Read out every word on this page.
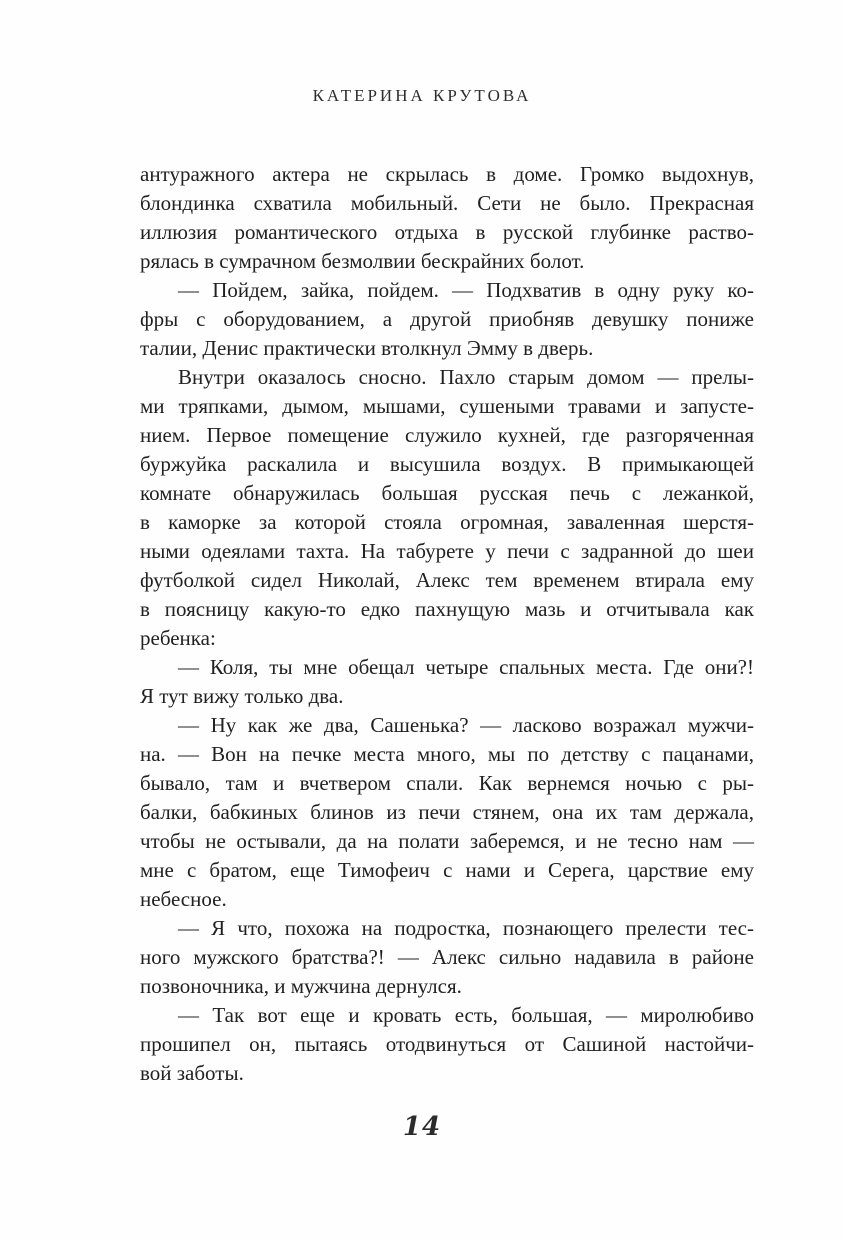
КАТЕРИНА КРУТОВА
антуражного актера не скрылась в доме. Громко выдохнув,
блондинка схватила мобильный. Сети не было. Прекрасная
иллюзия романтического отдыха в русской глубинке раство-
рялась в сумрачном безмолвии бескрайних болот.
— Пойдем, зайка, пойдем. — Подхватив в одну руку ко-
фры с оборудованием, а другой приобняв девушку пониже
талии, Денис практически втолкнул Эмму в дверь.
Внутри оказалось сносно. Пахло старым домом — прелы-
ми тряпками, дымом, мышами, сушеными травами и запусте-
нием. Первое помещение служило кухней, где разгоряченная
буржуйка раскалила и высушила воздух. В примыкающей
комнате обнаружилась большая русская печь с лежанкой,
в каморке за которой стояла огромная, заваленная шерстя-
ными одеялами тахта. На табурете у печи с задранной до шеи
футболкой сидел Николай, Алекс тем временем втирала ему
в поясницу какую-то едко пахнущую мазь и отчитывала как
ребенка:
— Коля, ты мне обещал четыре спальных места. Где они?!
Я тут вижу только два.
— Ну как же два, Сашенька? — ласково возражал мужчи-
на. — Вон на печке места много, мы по детству с пацанами,
бывало, там и вчетвером спали. Как вернемся ночью с ры-
балки, бабкиных блинов из печи стянем, она их там держала,
чтобы не остывали, да на полати заберемся, и не тесно нам —
мне с братом, еще Тимофеич с нами и Серега, царствие ему
небесное.
— Я что, похожа на подростка, познающего прелести тес-
ного мужского братства?! — Алекс сильно надавила в районе
позвоночника, и мужчина дернулся.
— Так вот еще и кровать есть, большая, — миролюбиво
прошипел он, пытаясь отодвинуться от Сашиной настойчи-
вой заботы.
14
